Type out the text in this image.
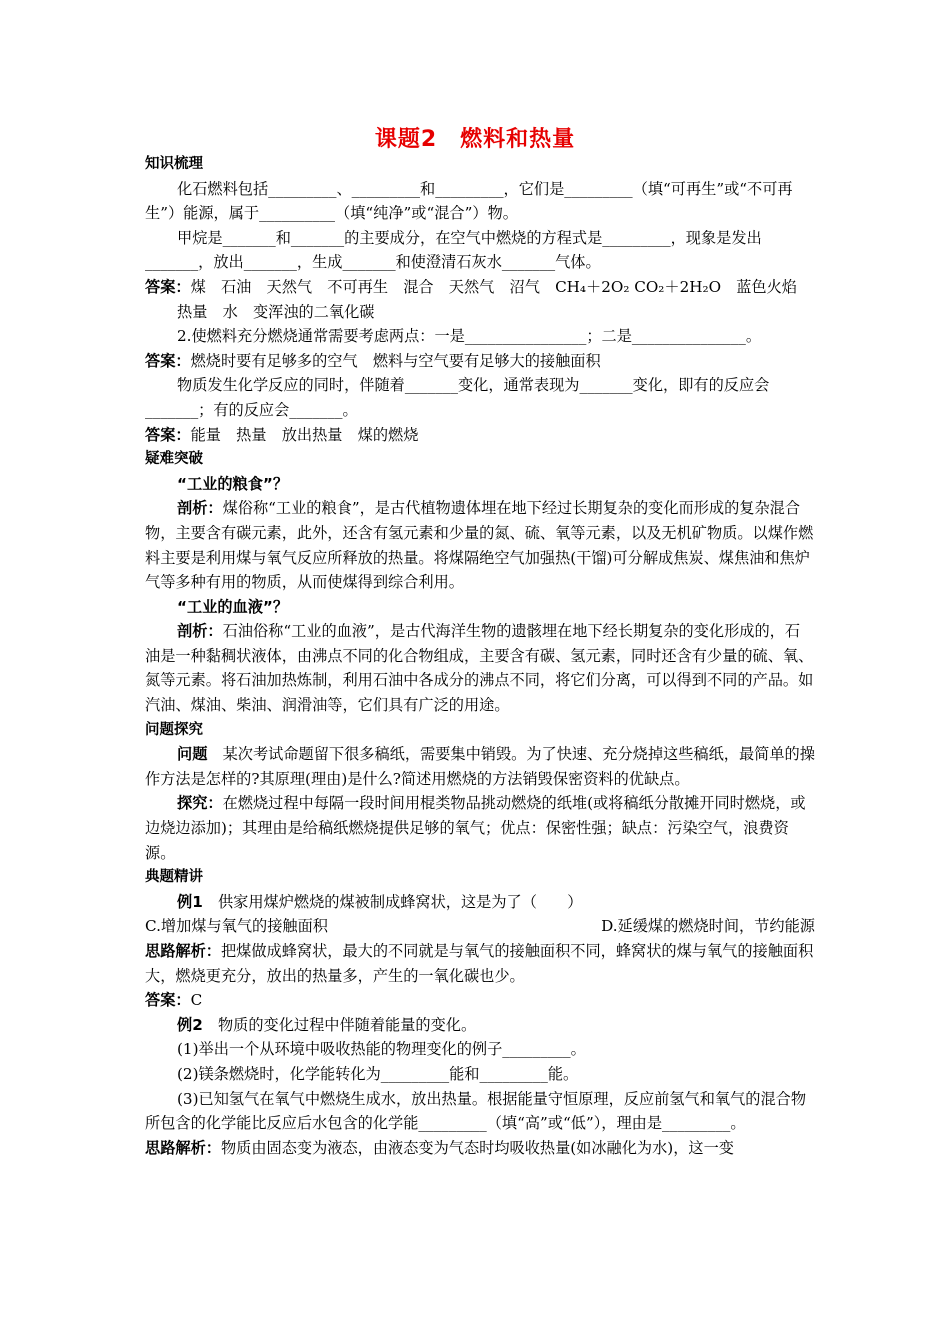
课题2　燃料和热量

知识梳理

化石燃料包括_________、_________和_________，它们是_________（填“可再生”或“不可再生”）能源，属于__________（填“纯净”或“混合”）物。

甲烷是_______和_______的主要成分，在空气中燃烧的方程式是_________，现象是发出_______，放出_______，生成_______和使澄清石灰水_______气体。

答案：煤　石油　天然气　不可再生　混合　天然气　沼气　CH₄＋2O₂ CO₂＋2H₂O　蓝色火焰　热量　水　变浑浊的二氧化碳

2.使燃料充分燃烧通常需要考虑两点：一是________________；二是_______________。

答案：燃烧时要有足够多的空气　燃料与空气要有足够大的接触面积

物质发生化学反应的同时，伴随着_______变化，通常表现为_______变化，即有的反应会_______；有的反应会_______。

答案：能量　热量　放出热量　煤的燃烧

疑难突破

“工业的粮食”？

剖析：煤俗称“工业的粮食”，是古代植物遗体埋在地下经过长期复杂的变化而形成的复杂混合物，主要含有碳元素，此外，还含有氢元素和少量的氮、硫、氧等元素，以及无机矿物质。以煤作燃料主要是利用煤与氧气反应所释放的热量。将煤隔绝空气加强热(干馏)可分解成焦炭、煤焦油和焦炉气等多种有用的物质，从而使煤得到综合利用。

“工业的血液”？

剖析：石油俗称“工业的血液”，是古代海洋生物的遗骸埋在地下经长期复杂的变化形成的，石油是一种黏稠状液体，由沸点不同的化合物组成，主要含有碳、氢元素，同时还含有少量的硫、氧、氮等元素。将石油加热炼制，利用石油中各成分的沸点不同，将它们分离，可以得到不同的产品。如汽油、煤油、柴油、润滑油等，它们具有广泛的用途。

问题探究

问题　某次考试命题留下很多稿纸，需要集中销毁。为了快速、充分烧掉这些稿纸，最简单的操作方法是怎样的?其原理(理由)是什么?简述用燃烧的方法销毁保密资料的优缺点。

探究：在燃烧过程中每隔一段时间用棍类物品挑动燃烧的纸堆(或将稿纸分散摊开同时燃烧，或边烧边添加)；其理由是给稿纸燃烧提供足够的氧气；优点：保密性强；缺点：污染空气，浪费资源。

典题精讲

例1　供家用煤炉燃烧的煤被制成蜂窝状，这是为了（　　）

C.增加煤与氧气的接触面积	D.延缓煤的燃烧时间，节约能源

思路解析：把煤做成蜂窝状，最大的不同就是与氧气的接触面积不同，蜂窝状的煤与氧气的接触面积大，燃烧更充分，放出的热量多，产生的一氧化碳也少。

答案：C

例2　物质的变化过程中伴随着能量的变化。

(1)举出一个从环境中吸收热能的物理变化的例子_________。

(2)镁条燃烧时，化学能转化为_________能和_________能。

(3)已知氢气在氧气中燃烧生成水，放出热量。根据能量守恒原理，反应前氢气和氧气的混合物所包含的化学能比反应后水包含的化学能_________（填“高”或“低”），理由是_________。

思路解析：物质由固态变为液态，由液态变为气态时均吸收热量(如冰融化为水)，这一变
